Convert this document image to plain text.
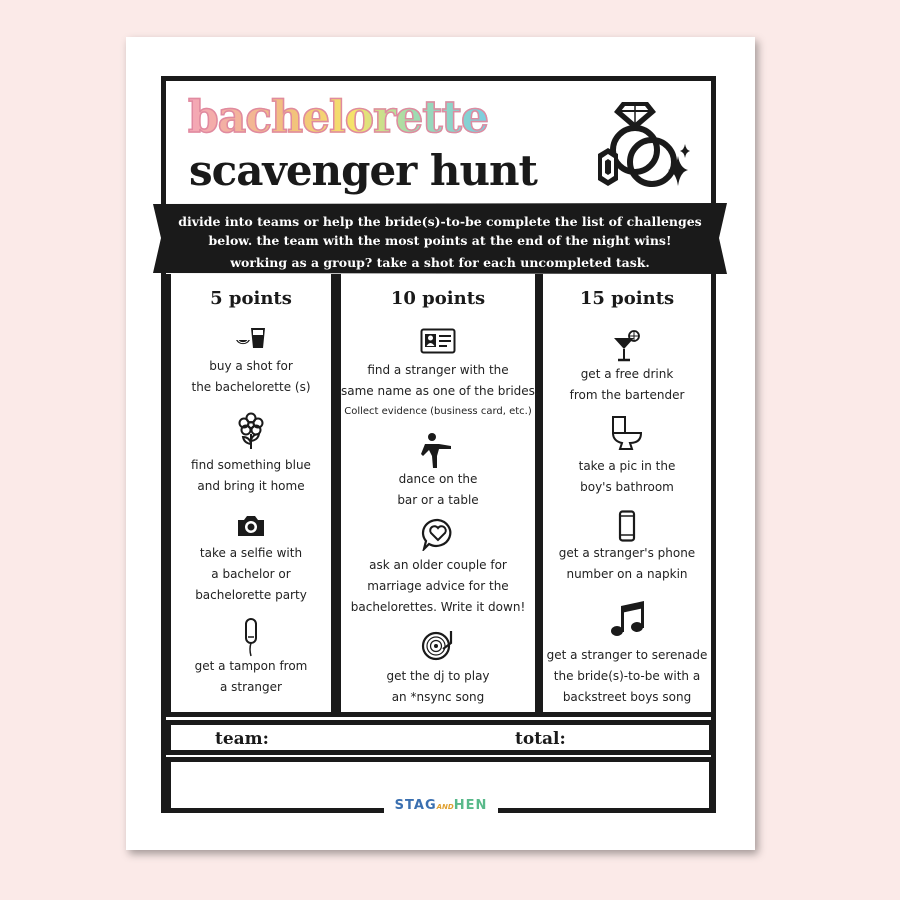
bachelorette
scavenger hunt
divide into teams or help the bride(s)-to-be complete the list of challenges
below. the team with the most points at the end of the night wins!
working as a group? take a shot for each uncompleted task.
5 points
buy a shot for
the bachelorette (s)
find something blue
and bring it home
take a selfie with
a bachelor or
bachelorette party
get a tampon from
a stranger
10 points
find a stranger with the
same name as one of the brides.
Collect evidence (business card, etc.)
dance on the
bar or a table
ask an older couple for
marriage advice for the
bachelorettes. Write it down!
get the dj to play
an *nsync song
15 points
get a free drink
from the bartender
take a pic in the
boy's bathroom
get a stranger's phone
number on a napkin
get a stranger to serenade
the bride(s)-to-be with a
backstreet boys song
team:	total:
STAGANDHEN
